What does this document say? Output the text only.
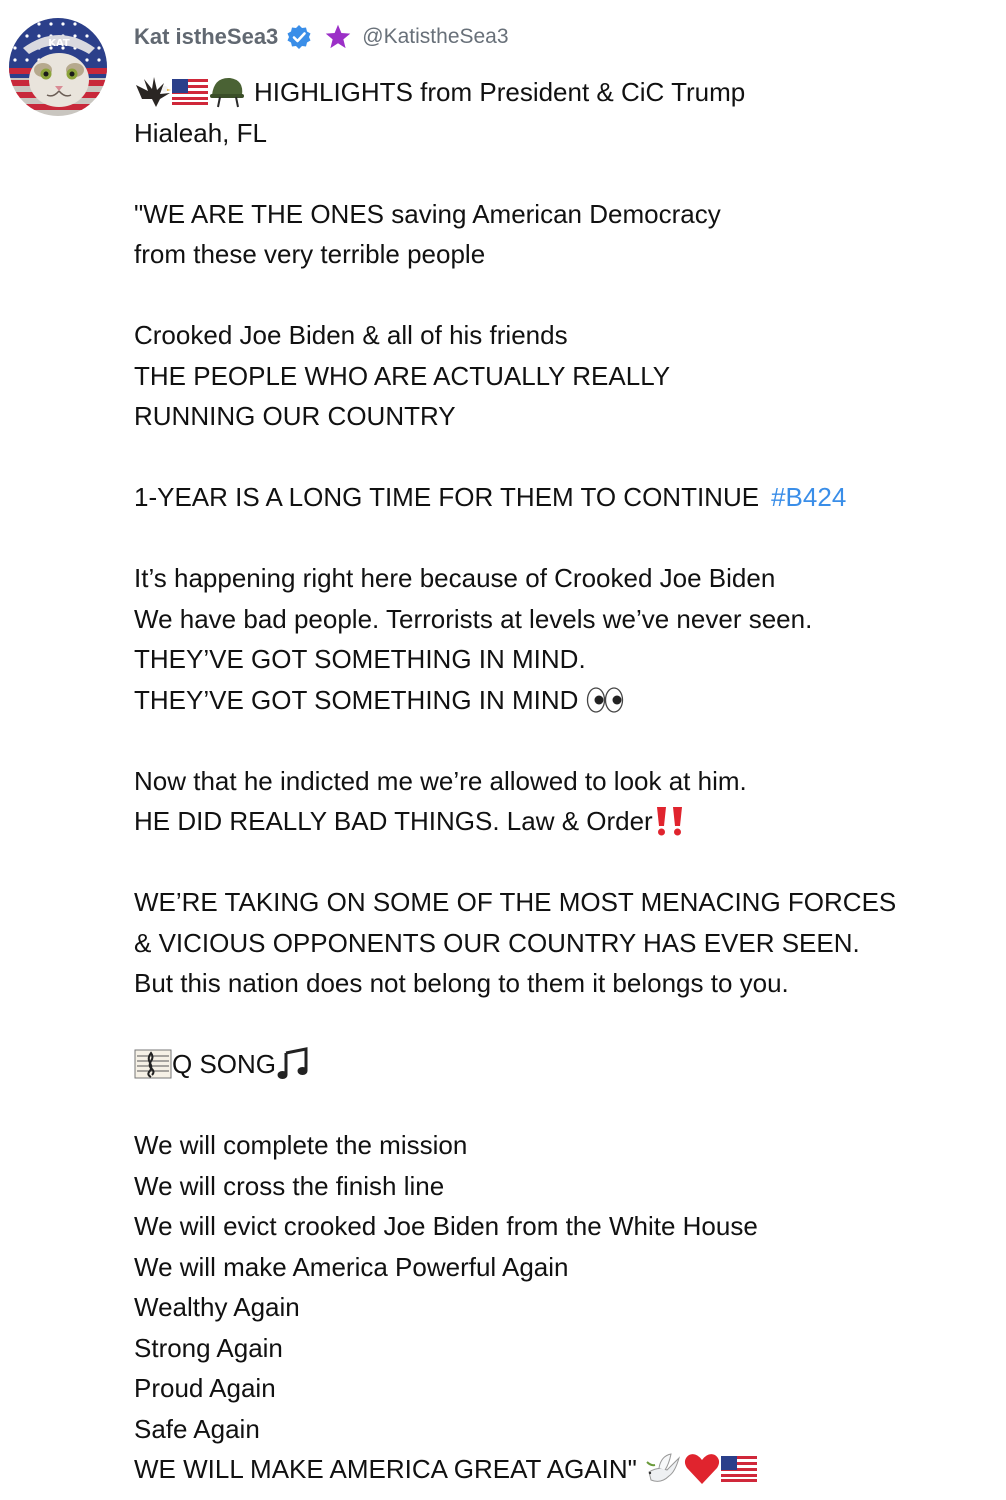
KAT	Kat istheSea3	@KatistheSea3
HIGHLIGHTS from President & CiC Trump
Hialeah, FL
"WE ARE THE ONES saving American Democracy
from these very terrible people
Crooked Joe Biden & all of his friends
THE PEOPLE WHO ARE ACTUALLY REALLY
RUNNING OUR COUNTRY
1-YEAR IS A LONG TIME FOR THEM TO CONTINUE #B424
It’s happening right here because of Crooked Joe Biden
We have bad people. Terrorists at levels we’ve never seen.
THEY’VE GOT SOMETHING IN MIND.
THEY’VE GOT SOMETHING IN MIND
Now that he indicted me we’re allowed to look at him.
HE DID REALLY BAD THINGS. Law & Order
WE’RE TAKING ON SOME OF THE MOST MENACING FORCES
& VICIOUS OPPONENTS OUR COUNTRY HAS EVER SEEN.
But this nation does not belong to them it belongs to you.
Q SONG
We will complete the mission
We will cross the finish line
We will evict crooked Joe Biden from the White House
We will make America Powerful Again
Wealthy Again
Strong Again
Proud Again
Safe Again
WE WILL MAKE AMERICA GREAT AGAIN"
